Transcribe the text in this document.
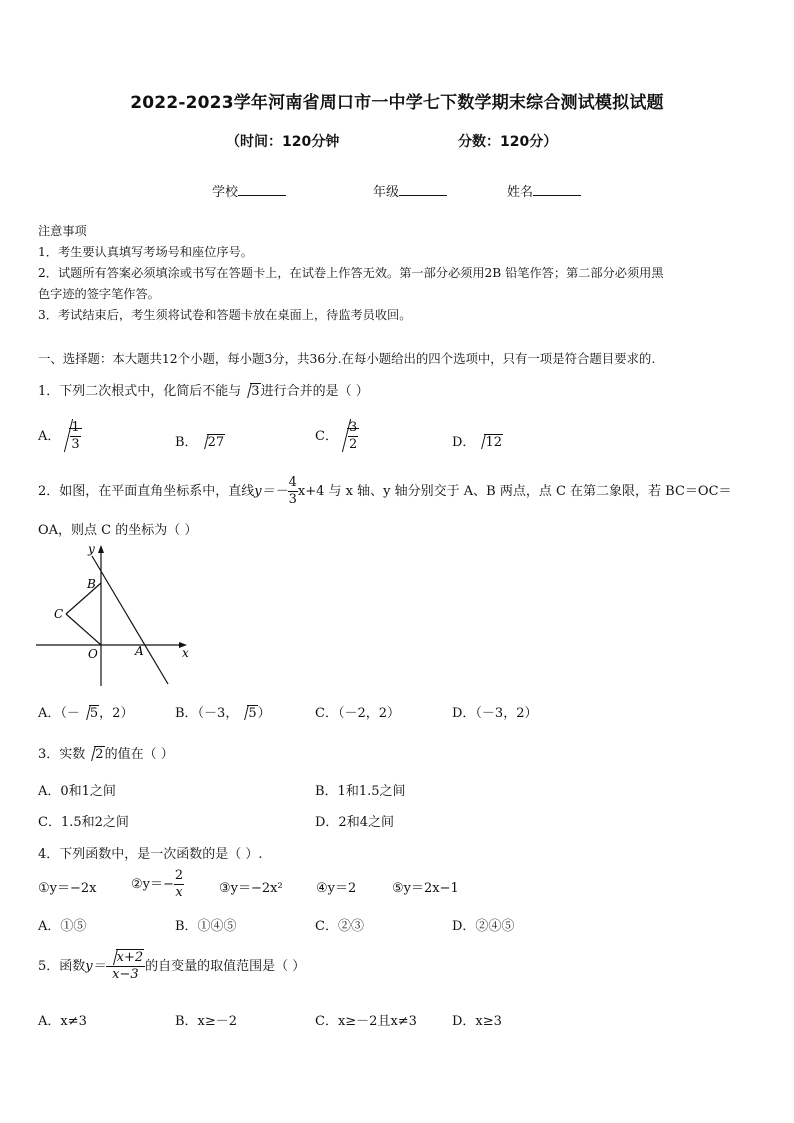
2022-2023学年河南省周口市一中学七下数学期末综合测试模拟试题
（时间：120分钟	分数：120分）
学校	年级	姓名
注意事项
1．考生要认真填写考场号和座位序号。
2．试题所有答案必须填涂或书写在答题卡上，在试卷上作答无效。第一部分必须用2B 铅笔作答；第二部分必须用黑
色字迹的签字笔作答。
3．考试结束后，考生须将试卷和答题卡放在桌面上，待监考员收回。
一、选择题：本大题共12个小题，每小题3分，共36分.在每小题给出的四个选项中，只有一项是符合题目要求的.
1．下列二次根式中，化简后不能与 3进行合并的是（ ）
A． $\frac{1}{3}$	B． 27	C． $\frac{3}{2}$	D． 12
2．如图，在平面直角坐标系中，直线$y=- \frac{4}{3} x+4$ 与 x 轴、y 轴分别交于 A、B 两点，点 C 在第二象限，若 BC＝OC＝
OA，则点 C 的坐标为（ ）
y
B
C
O	A	x
A．（－ 5，2）	B．（－3， 5）	C．（－2，2）	D．（－3，2）
3．实数 2的值在（ ）
A．0和1之间	B．1和1.5之间
C．1.5和2之间	D．2和4之间
4．下列函数中，是一次函数的是（ ）.
①y＝−2x	②y＝− $\frac{2}{x}$	③y＝−2x²	④y＝2	⑤y＝2x−1
A．①⑤	B．①④⑤	C．②③	D．②④⑤
5．函数$y= \frac{x+2}{x-3}$ 的自变量的取值范围是（ ）
A．x≠3	B．x≥－2	C．x≥－2且x≠3	D．x≥3
